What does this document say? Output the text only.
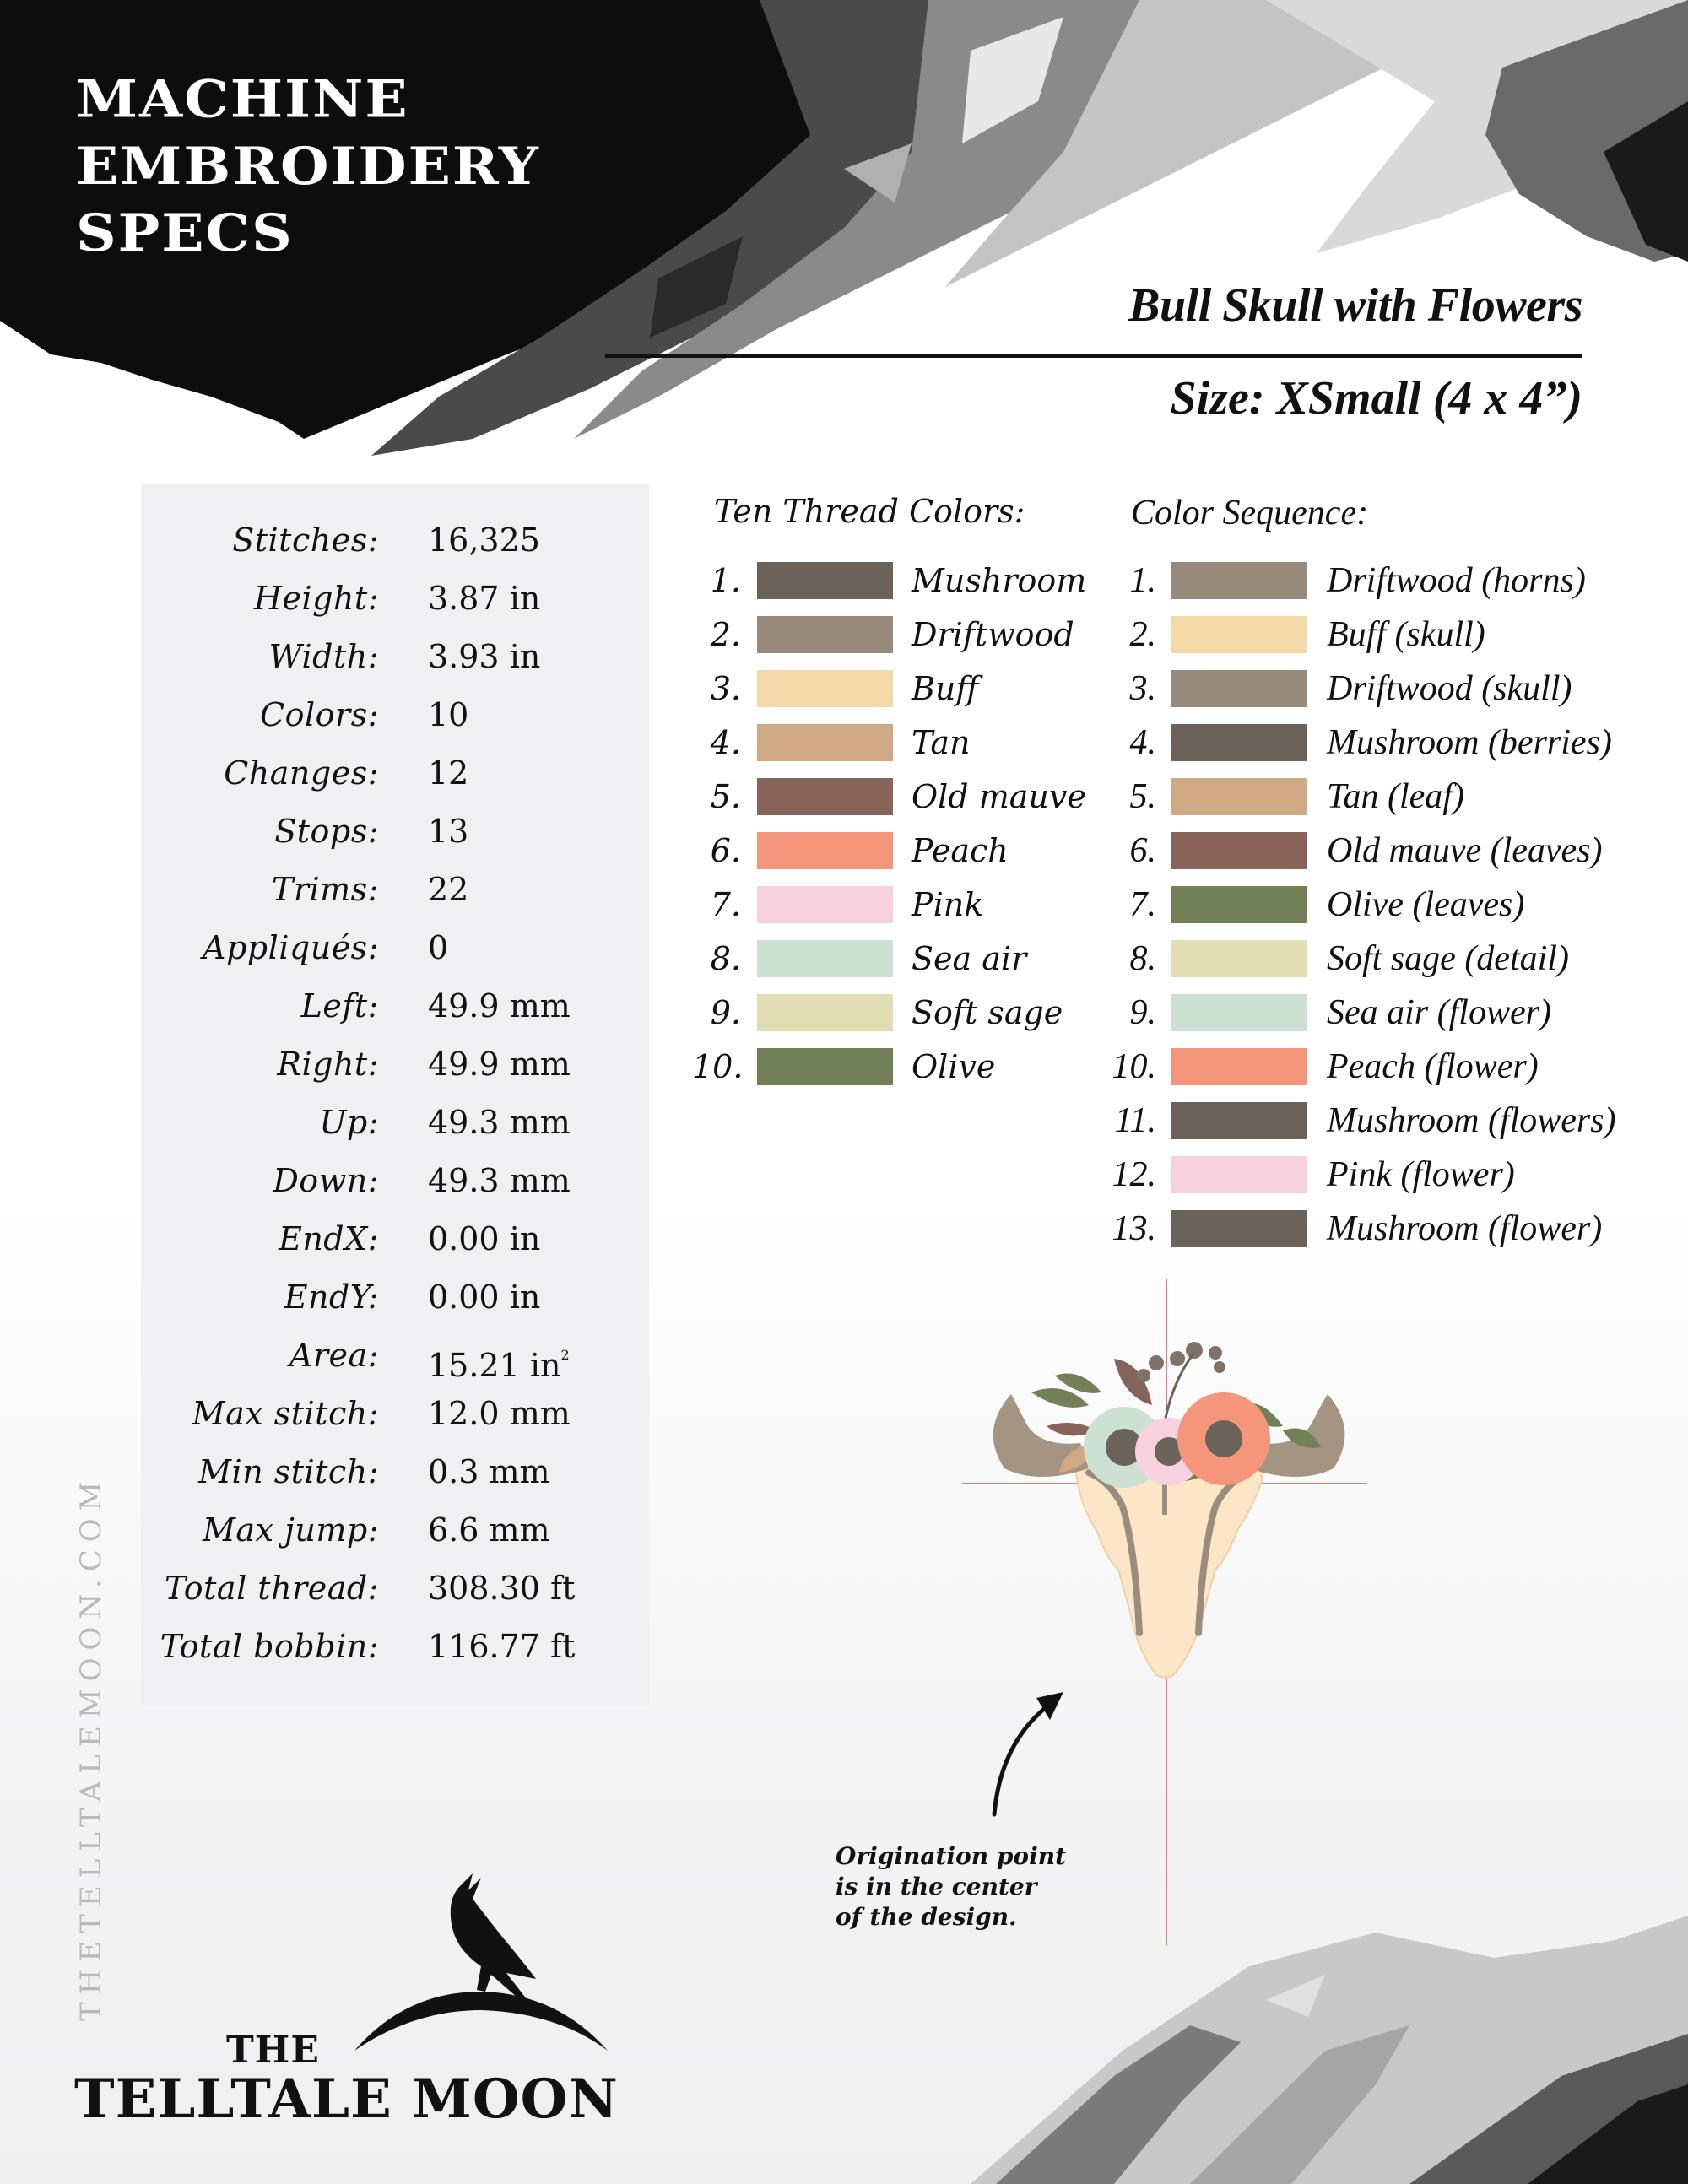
MACHINE
EMBROIDERY
SPECS
Bull Skull with Flowers
Size: XSmall (4 x 4”)
Stitches: 16,325
Height: 3.87 in
Width: 3.93 in
Colors: 10
Changes: 12
Stops: 13
Trims: 22
Appliqués: 0
Left: 49.9 mm
Right: 49.9 mm
Up: 49.3 mm
Down: 49.3 mm
EndX: 0.00 in
EndY: 0.00 in
Area: 15.21 $in^2$
Max stitch: 12.0 mm
Min stitch: 0.3 mm
Max jump: 6.6 mm
Total thread: 308.30 ft
Total bobbin: 116.77 ft
Ten Thread Colors:
1.	Mushroom
2.	Driftwood
3.	Buff
4.	Tan
5.	Old mauve
6.	Peach
7.	Pink
8.	Sea air
9.	Soft sage
10.	Olive
Color Sequence:
1.	Driftwood (horns)
2.	Buff (skull)
3.	Driftwood (skull)
4.	Mushroom (berries)
5.	Tan (leaf)
6.	Old mauve (leaves)
7.	Olive (leaves)
8.	Soft sage (detail)
9.	Sea air (flower)
10.	Peach (flower)
11.	Mushroom (flowers)
12.	Pink (flower)
13.	Mushroom (flower)
Origination point
is in the center
of the design.
THETELLTALEMOON.COM
THE
TELLTALE MOON
